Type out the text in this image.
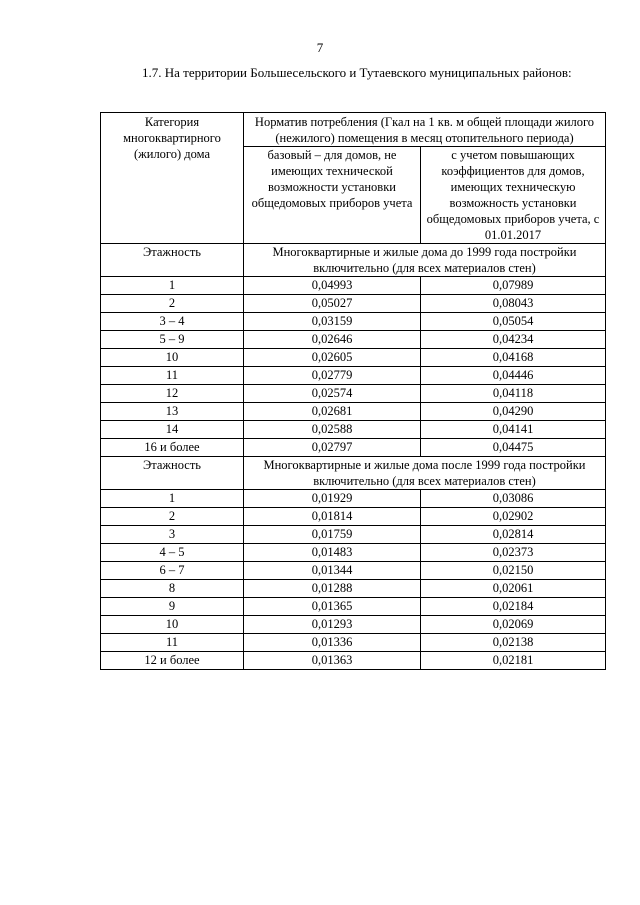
7

1.7. На территории Большесельского и Тутаевского муниципальных районов:

Категория многоквартирного (жилого) дома	Норматив потребления (Гкал на 1 кв. м общей площади жилого (нежилого) помещения в месяц отопительного периода)	
	базовый – для домов, не имеющих технической возможности установки общедомовых приборов учета	с учетом повышающих коэффициентов для домов, имеющих техническую возможность установки общедомовых приборов учета, с 01.01.2017
Этажность	Многоквартирные и жилые дома до 1999 года постройки включительно (для всех материалов стен)	
1	0,04993	0,07989
2	0,05027	0,08043
3 – 4	0,03159	0,05054
5 – 9	0,02646	0,04234
10	0,02605	0,04168
11	0,02779	0,04446
12	0,02574	0,04118
13	0,02681	0,04290
14	0,02588	0,04141
16 и более	0,02797	0,04475
Этажность	Многоквартирные и жилые дома после 1999 года постройки включительно (для всех материалов стен)	
1	0,01929	0,03086
2	0,01814	0,02902
3	0,01759	0,02814
4 – 5	0,01483	0,02373
6 – 7	0,01344	0,02150
8	0,01288	0,02061
9	0,01365	0,02184
10	0,01293	0,02069
11	0,01336	0,02138
12 и более	0,01363	0,02181
